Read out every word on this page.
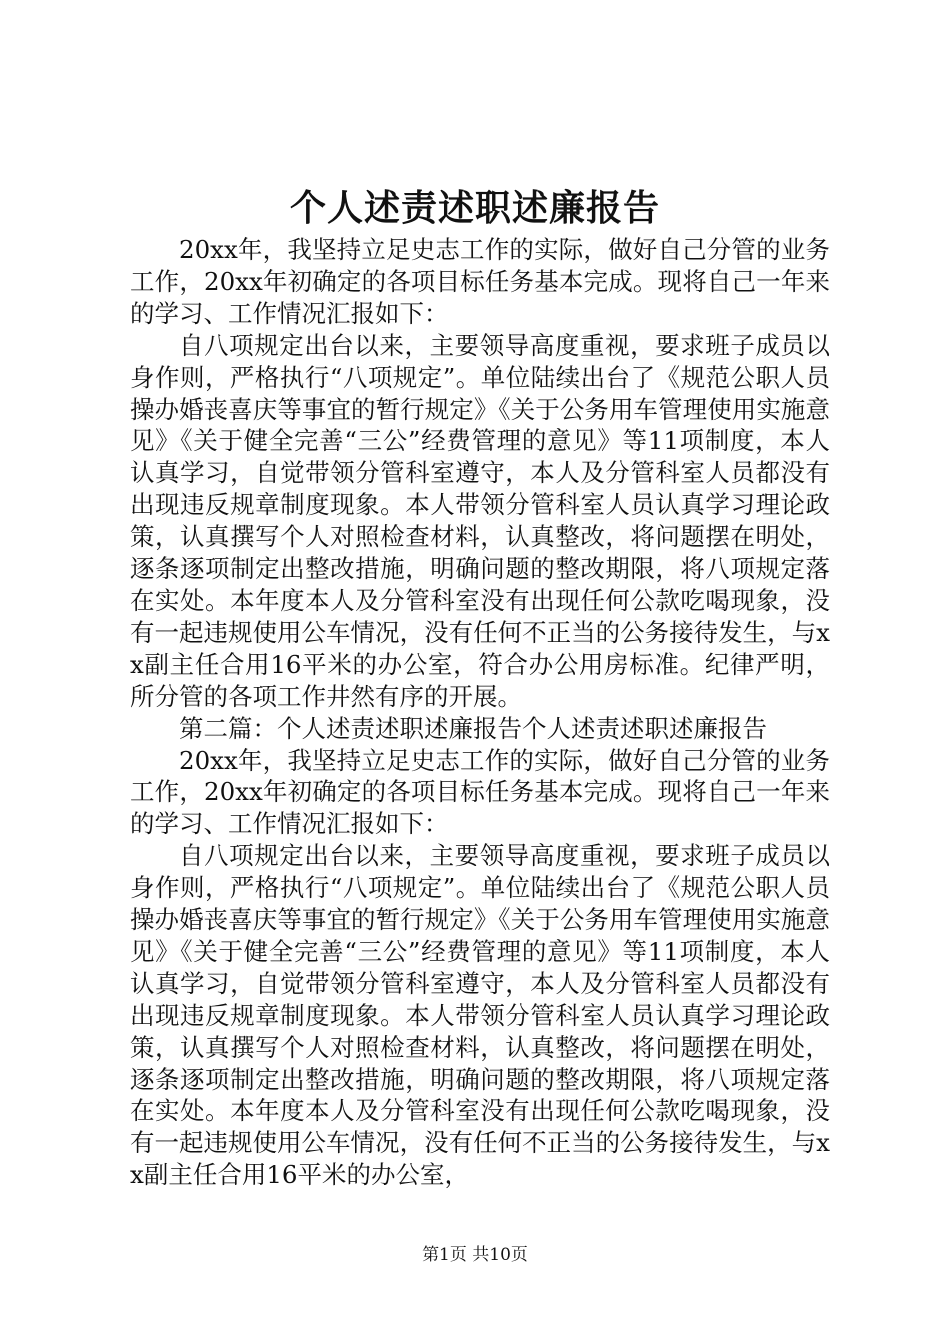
个人述责述职述廉报告

20xx年，我坚持立足史志工作的实际，做好自己分管的业务工作，20xx年初确定的各项目标任务基本完成。现将自己一年来的学习、工作情况汇报如下：

自八项规定出台以来，主要领导高度重视，要求班子成员以身作则，严格执行“八项规定”。单位陆续出台了《规范公职人员操办婚丧喜庆等事宜的暂行规定》《关于公务用车管理使用实施意见》《关于健全完善“三公”经费管理的意见》等11项制度，本人认真学习，自觉带领分管科室遵守，本人及分管科室人员都没有出现违反规章制度现象。本人带领分管科室人员认真学习理论政策，认真撰写个人对照检查材料，认真整改，将问题摆在明处，逐条逐项制定出整改措施，明确问题的整改期限，将八项规定落在实处。本年度本人及分管科室没有出现任何公款吃喝现象，没有一起违规使用公车情况，没有任何不正当的公务接待发生，与xx副主任合用16平米的办公室，符合办公用房标准。纪律严明，所分管的各项工作井然有序的开展。

第二篇：个人述责述职述廉报告个人述责述职述廉报告

20xx年，我坚持立足史志工作的实际，做好自己分管的业务工作，20xx年初确定的各项目标任务基本完成。现将自己一年来的学习、工作情况汇报如下：

自八项规定出台以来，主要领导高度重视，要求班子成员以身作则，严格执行“八项规定”。单位陆续出台了《规范公职人员操办婚丧喜庆等事宜的暂行规定》《关于公务用车管理使用实施意见》《关于健全完善“三公”经费管理的意见》等11项制度，本人认真学习，自觉带领分管科室遵守，本人及分管科室人员都没有出现违反规章制度现象。本人带领分管科室人员认真学习理论政策，认真撰写个人对照检查材料，认真整改，将问题摆在明处，逐条逐项制定出整改措施，明确问题的整改期限，将八项规定落在实处。本年度本人及分管科室没有出现任何公款吃喝现象，没有一起违规使用公车情况，没有任何不正当的公务接待发生，与xx副主任合用16平米的办公室，

第1页 共10页
